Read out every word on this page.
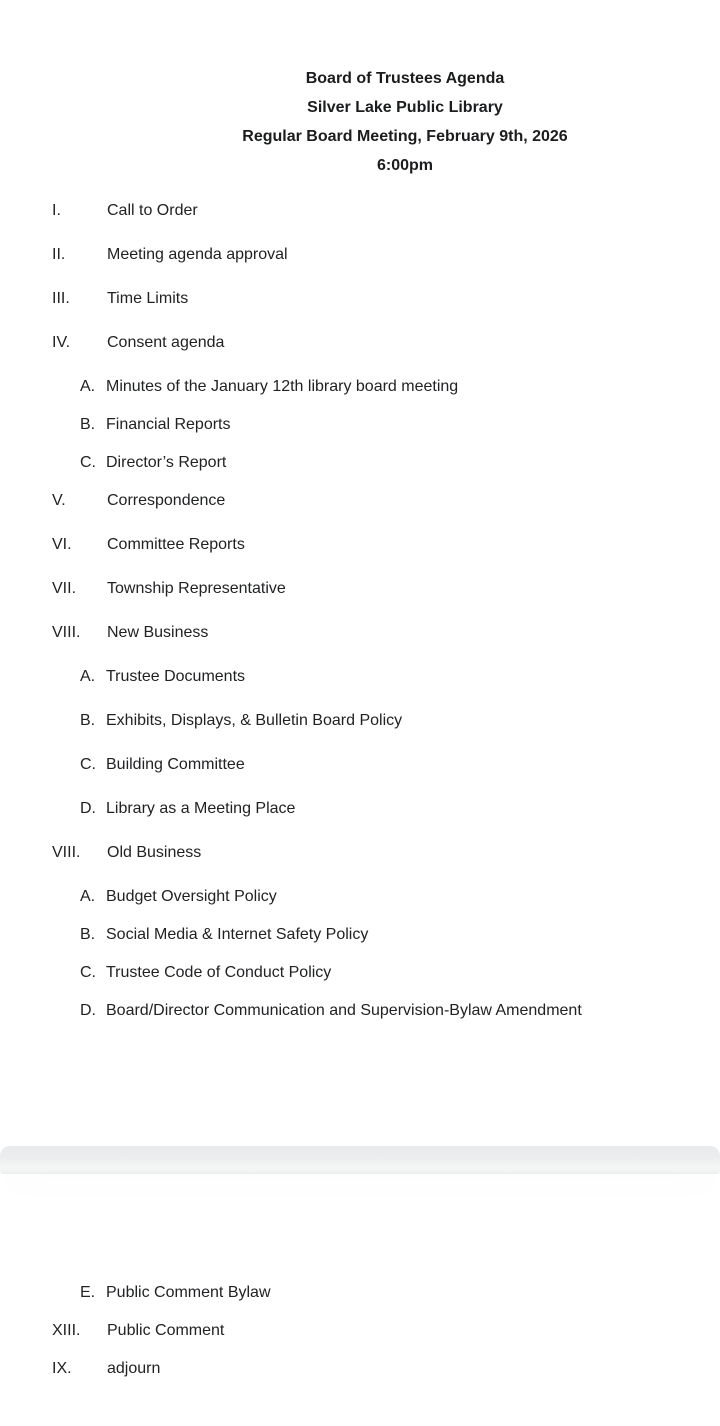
Board of Trustees Agenda
Silver Lake Public Library
Regular Board Meeting, February 9th, 2026
6:00pm
I.	Call to Order
II.	Meeting agenda approval
III.	Time Limits
IV.	Consent agenda
A. Minutes of the January 12th library board meeting
B. Financial Reports
C. Director’s Report
V.	Correspondence
VI.	Committee Reports
VII.	Township Representative
VIII.	New Business
A. Trustee Documents
B. Exhibits, Displays, & Bulletin Board Policy
C. Building Committee
D. Library as a Meeting Place
VIII.	Old Business
A. Budget Oversight Policy
B. Social Media & Internet Safety Policy
C. Trustee Code of Conduct Policy
D. Board/Director Communication and Supervision-Bylaw Amendment
E. Public Comment Bylaw
XIII.	Public Comment
IX.	adjourn
